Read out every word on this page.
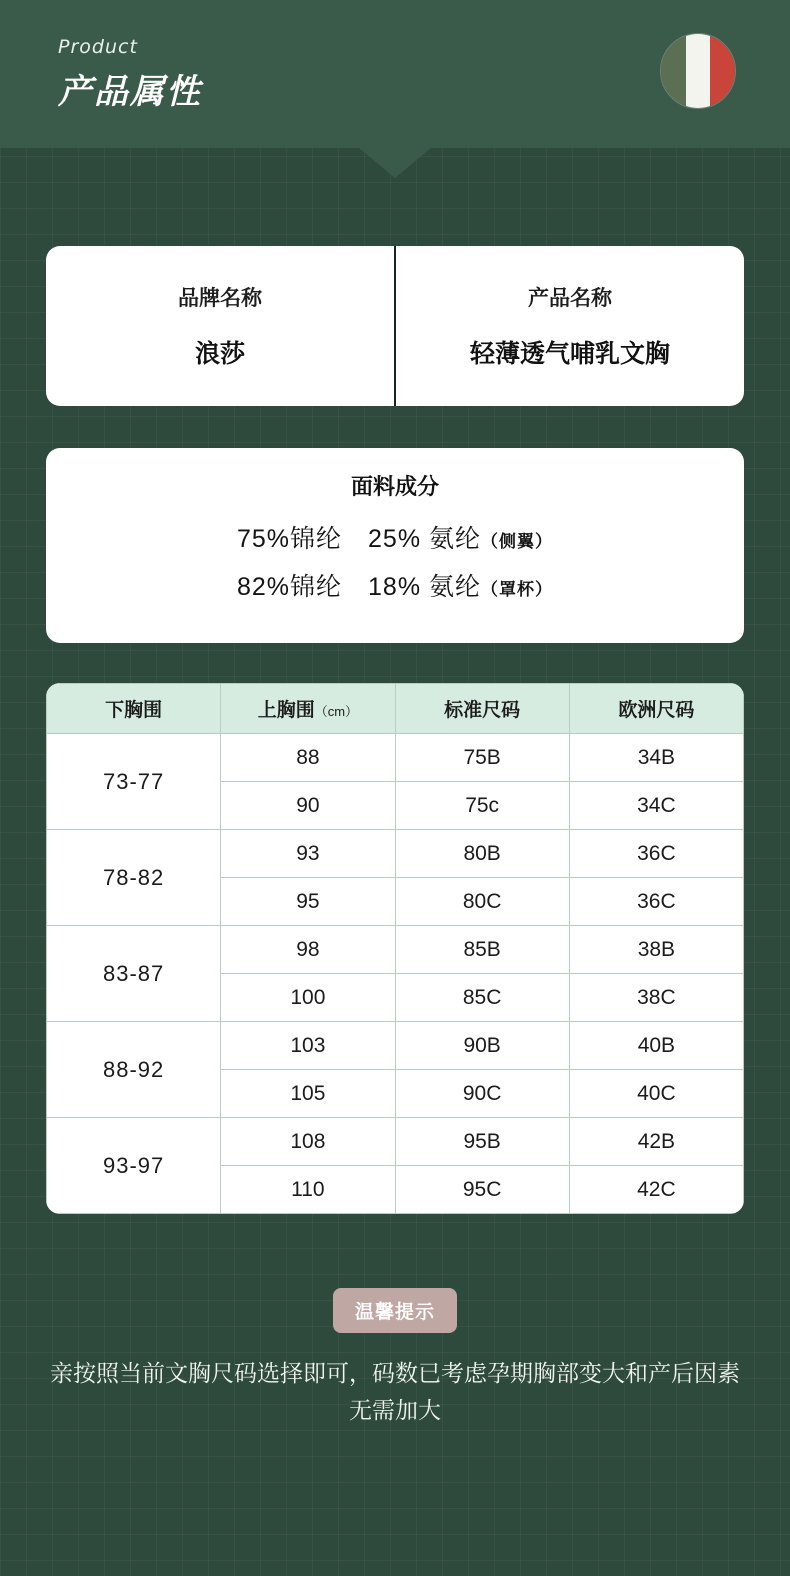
Product
产品属性
品牌名称
浪莎
产品名称
轻薄透气哺乳文胸
面料成分
75%锦纶　25% 氨纶（侧翼）
82%锦纶　18% 氨纶（罩杯）
下胸围	上胸围（cm）	标准尺码	欧洲尺码
73-77	88	75B	34B
	90	75c	34C
78-82	93	80B	36C
	95	80C	36C
83-87	98	85B	38B
	100	85C	38C
88-92	103	90B	40B
	105	90C	40C
93-97	108	95B	42B
	110	95C	42C
温馨提示
亲按照当前文胸尺码选择即可，码数已考虑孕期胸部变大和产后因素无需加大
